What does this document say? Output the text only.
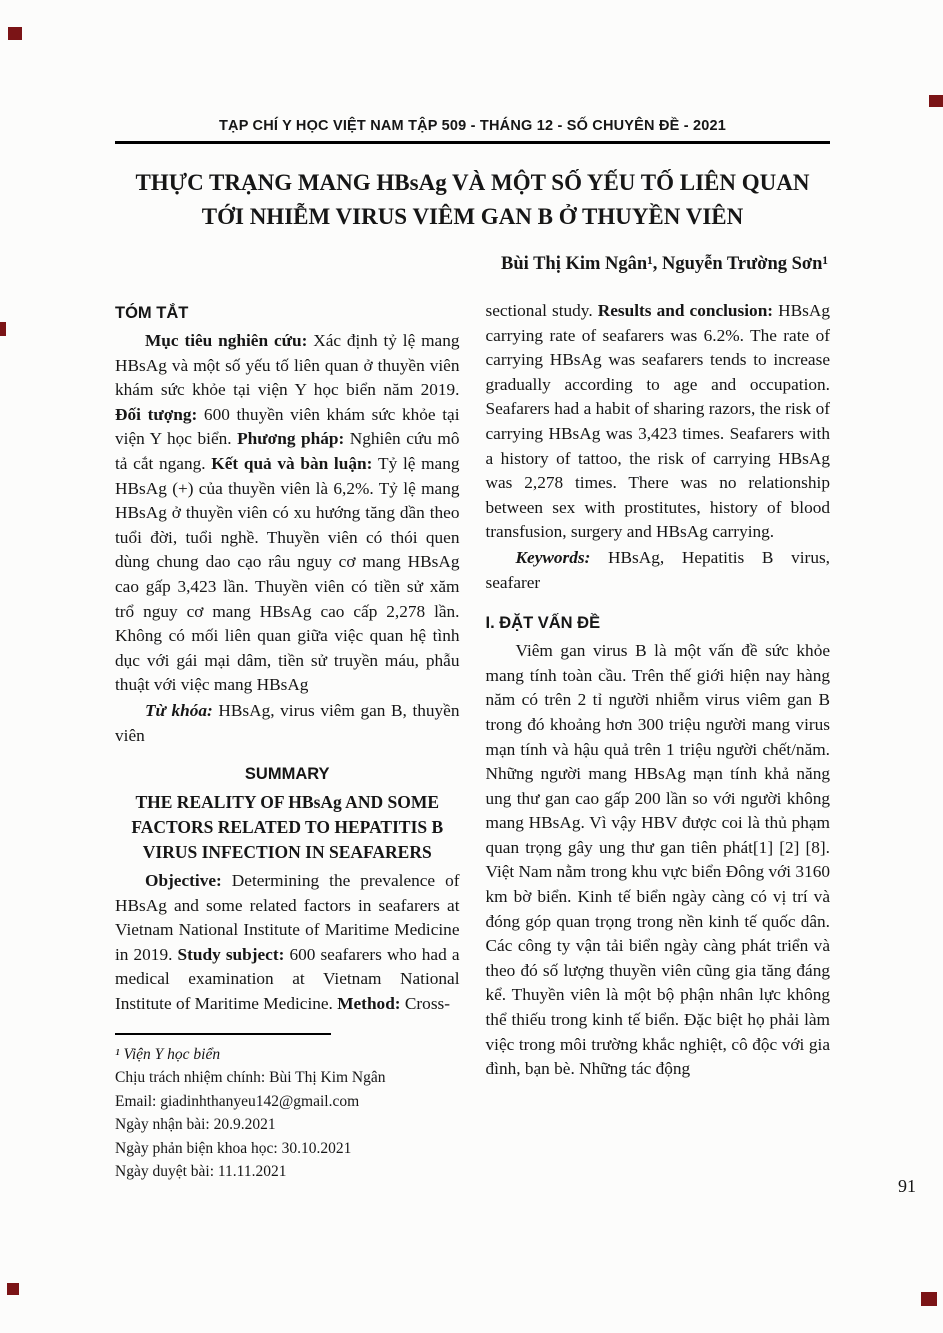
TẠP CHÍ Y HỌC VIỆT NAM TẬP 509 - THÁNG 12 - SỐ CHUYÊN ĐỀ - 2021
THỰC TRẠNG MANG HBsAg VÀ MỘT SỐ YẾU TỐ LIÊN QUAN
TỚI NHIỄM VIRUS VIÊM GAN B Ở THUYỀN VIÊN
Bùi Thị Kim Ngân¹, Nguyễn Trường Sơn¹
TÓM TẮT

Mục tiêu nghiên cứu: Xác định tỷ lệ mang HBsAg và một số yếu tố liên quan ở thuyền viên khám sức khỏe tại viện Y học biển năm 2019. Đối tượng: 600 thuyền viên khám sức khỏe tại viện Y học biển. Phương pháp: Nghiên cứu mô tả cắt ngang. Kết quả và bàn luận: Tỷ lệ mang HBsAg (+) của thuyền viên là 6,2%. Tỷ lệ mang HBsAg ở thuyền viên có xu hướng tăng dần theo tuổi đời, tuổi nghề. Thuyền viên có thói quen dùng chung dao cạo râu nguy cơ mang HBsAg cao gấp 3,423 lần. Thuyền viên có tiền sử xăm trổ nguy cơ mang HBsAg cao cấp 2,278 lần. Không có mối liên quan giữa việc quan hệ tình dục với gái mại dâm, tiền sử truyền máu, phẫu thuật với việc mang HBsAg

Từ khóa: HBsAg, virus viêm gan B, thuyền viên

SUMMARY
THE REALITY OF HBsAg AND SOME FACTORS RELATED TO HEPATITIS B VIRUS INFECTION IN SEAFARERS

Objective: Determining the prevalence of HBsAg and some related factors in seafarers at Vietnam National Institute of Maritime Medicine in 2019. Study subject: 600 seafarers who had a medical examination at Vietnam National Institute of Maritime Medicine. Method: Cross-

¹ Viện Y học biển
Chịu trách nhiệm chính: Bùi Thị Kim Ngân
Email: giadinhthanyeu142@gmail.com
Ngày nhận bài: 20.9.2021
Ngày phản biện khoa học: 30.10.2021
Ngày duyệt bài: 11.11.2021

sectional study. Results and conclusion: HBsAg carrying rate of seafarers was 6.2%. The rate of carrying HBsAg was seafarers tends to increase gradually according to age and occupation. Seafarers had a habit of sharing razors, the risk of carrying HBsAg was 3,423 times. Seafarers with a history of tattoo, the risk of carrying HBsAg was 2,278 times. There was no relationship between sex with prostitutes, history of blood transfusion, surgery and HBsAg carrying.

Keywords: HBsAg, Hepatitis B virus, seafarer

I. ĐẶT VẤN ĐỀ

Viêm gan virus B là một vấn đề sức khỏe mang tính toàn cầu. Trên thế giới hiện nay hàng năm có trên 2 tỉ người nhiễm virus viêm gan B trong đó khoảng hơn 300 triệu người mang virus mạn tính và hậu quả trên 1 triệu người chết/năm. Những người mang HBsAg mạn tính khả năng ung thư gan cao gấp 200 lần so với người không mang HBsAg. Vì vậy HBV được coi là thủ phạm quan trọng gây ung thư gan tiên phát[1] [2] [8]. Việt Nam nằm trong khu vực biển Đông với 3160 km bờ biển. Kinh tế biển ngày càng có vị trí và đóng góp quan trọng trong nền kinh tế quốc dân. Các công ty vận tải biển ngày càng phát triển và theo đó số lượng thuyền viên cũng gia tăng đáng kể. Thuyền viên là một bộ phận nhân lực không thể thiếu trong kinh tế biển. Đặc biệt họ phải làm việc trong môi trường khắc nghiệt, cô độc với gia đình, bạn bè. Những tác động

91
